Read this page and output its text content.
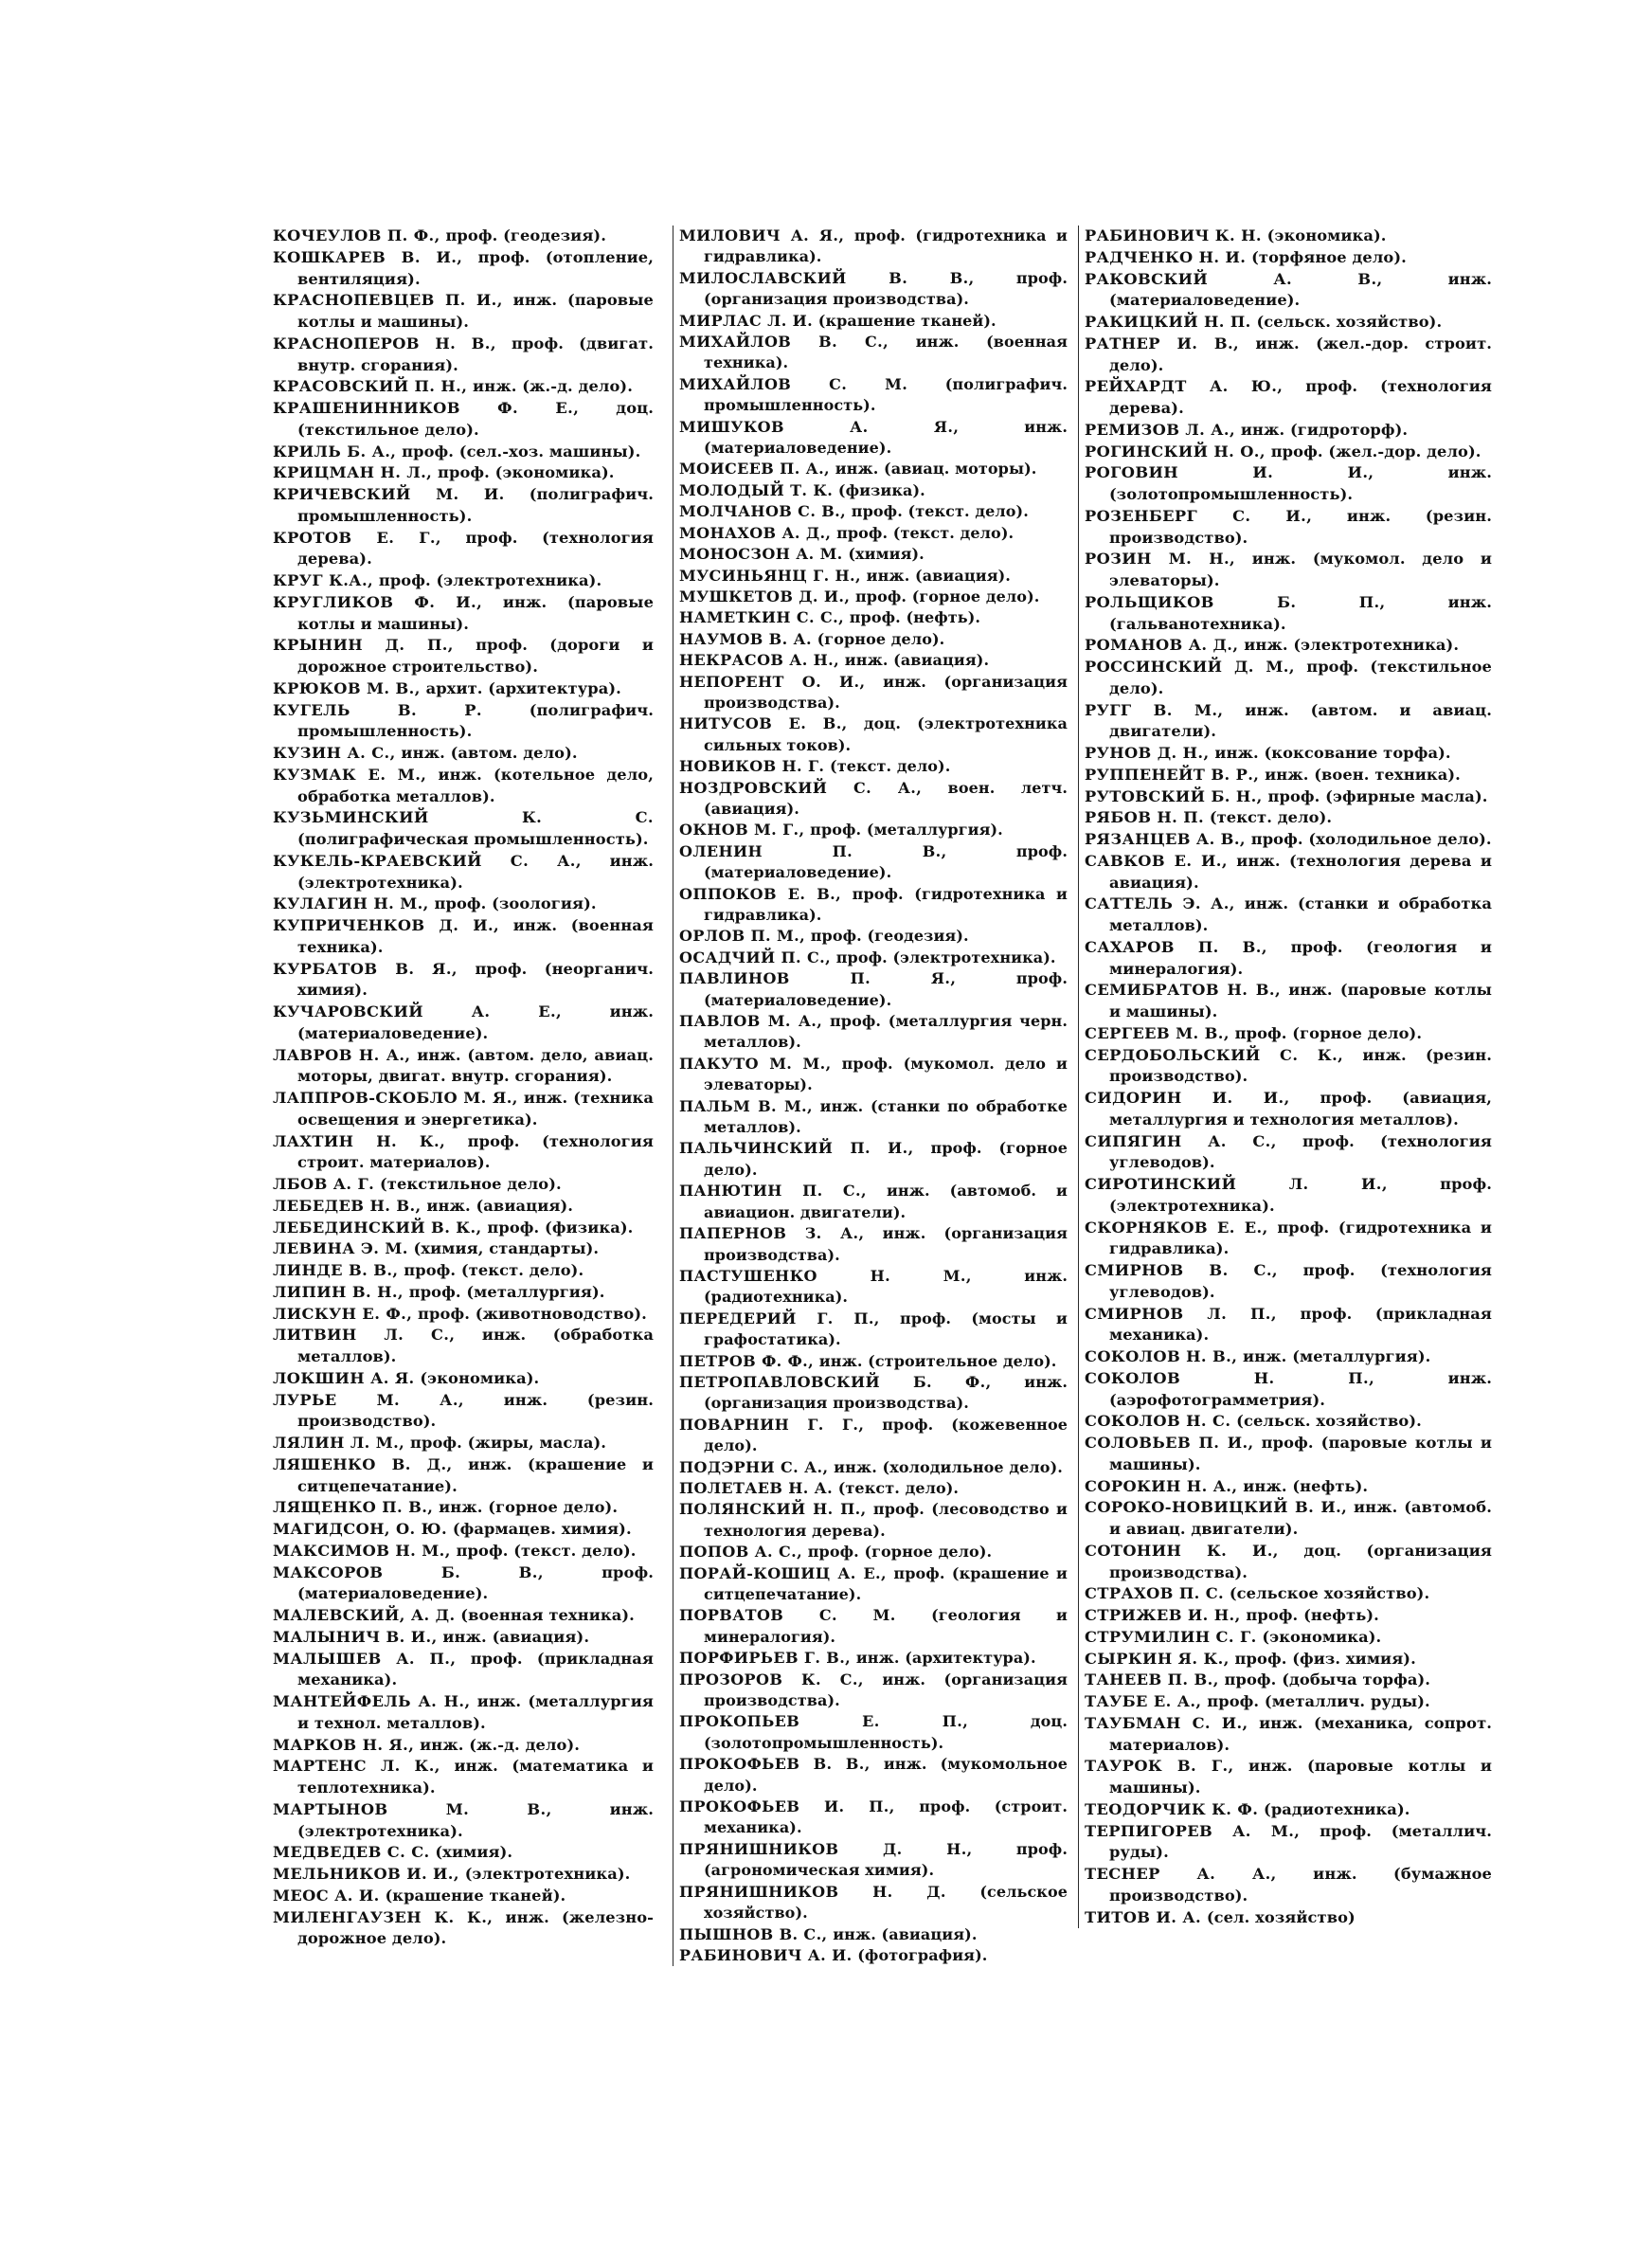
КОЧЕУЛОВ П. Ф., проф. (геодезия).
КОШКАРЕВ В. И., проф. (отопление, вентиляция).
КРАСНОПЕВЦЕВ П. И., инж. (паровые котлы и машины).
КРАСНОПЕРОВ Н. В., проф. (двигат. внутр. сгорания).
КРАСОВСКИЙ П. Н., инж. (ж.-д. дело).
КРАШЕНИННИКОВ Ф. Е., доц. (текстильное дело).
КРИЛЬ Б. А., проф. (сел.-хоз. машины).
КРИЦМАН Н. Л., проф. (экономика).
КРИЧЕВСКИЙ М. И. (полиграфич. промышленность).
КРОТОВ Е. Г., проф. (технология дерева).
КРУГ К.А., проф. (электротехника).
КРУГЛИКОВ Ф. И., инж. (паровые котлы и машины).
КРЫНИН Д. П., проф. (дороги и дорожное строительство).
КРЮКОВ М. В., архит. (архитектура).
КУГЕЛЬ В. Р.	(полиграфич. промышленность).
КУЗИН А. С., инж. (автом. дело).
КУЗМАК Е. М., инж. (котельное дело, обработка металлов).
КУЗЬМИНСКИЙ К. С. (полиграфическая промышленность).
КУКЕЛЬ-КРАЕВСКИЙ С. А., инж. (электротехника).
КУЛАГИН Н. М., проф. (зоология).
КУПРИЧЕНКОВ Д. И., инж. (военная техника).
КУРБАТОВ В. Я., проф. (неорганич. химия).
КУЧАРОВСКИЙ А. Е.,	инж. (материаловедение).
ЛАВРОВ Н. А., инж. (автом. дело, авиац. моторы, двигат. внутр. сгорания).
ЛАППРОВ-СКОБЛО М. Я., инж. (техника освещения и энергетика).
ЛАХТИН Н. К., проф. (технология строит. материалов).
ЛБОВ А. Г. (текстильное дело).
ЛЕБЕДЕВ Н. В., инж. (авиация).
ЛЕБЕДИНСКИЙ В. К., проф. (физика).
ЛЕВИНА Э. М. (химия, стандарты).
ЛИНДЕ В. В., проф. (текст. дело).
ЛИПИН В. Н., проф. (металлургия).
ЛИСКУН Е. Ф., проф. (животноводство).
ЛИТВИН Л. С., инж. (обработка металлов).
ЛОКШИН А. Я. (экономика).
ЛУРЬЕ М. А.,	инж. (резин. производство).
ЛЯЛИН Л. М., проф. (жиры, масла).
ЛЯШЕНКО В. Д., инж. (крашение и ситцепечатание).
ЛЯЩЕНКО П. В., инж. (горное дело).
МАГИДСОН, О. Ю. (фармацев. химия).
МАКСИМОВ Н. М., проф. (текст. дело).
МАКСОРОВ Б. В.,	проф. (материаловедение).
МАЛЕВСКИЙ, А. Д. (военная техника).
МАЛЫНИЧ В. И., инж. (авиация).
МАЛЫШЕВ А. П., проф. (прикладная механика).
МАНТЕЙФЕЛЬ А. Н., инж. (металлургия и технол. металлов).
МАРКОВ Н. Я., инж. (ж.-д. дело).
МАРТЕНС Л. К., инж. (математика и теплотехника).
МАРТЫНОВ М. В.,	инж. (электротехника).
МЕДВЕДЕВ С. С. (химия).
МЕЛЬНИКОВ И. И., (электротехника).
МЕОС А. И. (крашение тканей).
МИЛЕНГАУЗЕН К. К., инж. (железно-дорожное дело).
МИЛОВИЧ А. Я., проф. (гидротехника и гидравлика).
МИЛОСЛАВСКИЙ В. В.,	проф. (организация производства).
МИРЛАС Л. И. (крашение тканей).
МИХАЙЛОВ В. С., инж. (военная техника).
МИХАЙЛОВ С. М. (полиграфич. промышленность).
МИШУКОВ А. Я.,	инж. (материаловедение).
МОИСЕЕВ П. А., инж. (авиац. моторы).
МОЛОДЫЙ Т. К. (физика).
МОЛЧАНОВ С. В., проф. (текст. дело).
МОНАХОВ А. Д., проф. (текст. дело).
МОНОСЗОН А. М. (химия).
МУСИНЬЯНЦ Г. Н., инж. (авиация).
МУШКЕТОВ Д. И., проф. (горное дело).
НАМЕТКИН С. С., проф. (нефть).
НАУМОВ В. А. (горное дело).
НЕКРАСОВ А. Н., инж. (авиация).
НЕПОРЕНТ О. И., инж. (организация производства).
НИТУСОВ Е. В., доц. (электротехника сильных токов).
НОВИКОВ Н. Г. (текст. дело).
НОЗДРОВСКИЙ С. А., воен. летч. (авиация).
ОКНОВ М. Г., проф. (металлургия).
ОЛЕНИН П. В.,	проф. (материаловедение).
ОППОКОВ Е. В., проф. (гидротехника и гидравлика).
ОРЛОВ П. М., проф. (геодезия).
ОСАДЧИЙ П. С., проф. (электротехника).
ПАВЛИНОВ П. Я.,	проф. (материаловедение).
ПАВЛОВ М. А., проф. (металлургия черн. металлов).
ПАКУТО М. М., проф. (мукомол. дело и элеваторы).
ПАЛЬМ В. М., инж. (станки по обработке металлов).
ПАЛЬЧИНСКИЙ П. И., проф. (горное дело).
ПАНЮТИН П. С., инж. (автомоб. и авиацион. двигатели).
ПАПЕРНОВ З. А., инж. (организация производства).
ПАСТУШЕНКО Н. М.,	инж. (радиотехника).
ПЕРЕДЕРИЙ Г. П., проф. (мосты и графостатика).
ПЕТРОВ Ф. Ф., инж. (строительное дело).
ПЕТРОПАВЛОВСКИЙ Б. Ф., инж. (организация производства).
ПОВАРНИН Г. Г., проф. (кожевенное дело).
ПОДЭРНИ С. А., инж. (холодильное дело).
ПОЛЕТАЕВ Н. А. (текст. дело).
ПОЛЯНСКИЙ Н. П., проф. (лесоводство и технология дерева).
ПОПОВ А. С., проф. (горное дело).
ПОРАЙ-КОШИЦ А. Е., проф. (крашение и ситцепечатание).
ПОРВАТОВ С. М. (геология и минералогия).
ПОРФИРЬЕВ Г. В., инж. (архитектура).
ПРОЗОРОВ К. С., инж. (организация производства).
ПРОКОПЬЕВ Е. П.,	доц. (золотопромышленность).
ПРОКОФЬЕВ В. В., инж. (мукомольное дело).
ПРОКОФЬЕВ И. П., проф. (строит. механика).
ПРЯНИШНИКОВ Д. Н.,	проф. (агрономическая химия).
ПРЯНИШНИКОВ Н. Д. (сельское хозяйство).
ПЫШНОВ В. С., инж. (авиация).
РАБИНОВИЧ А. И. (фотография).
РАБИНОВИЧ К. Н. (экономика).
РАДЧЕНКО Н. И. (торфяное дело).
РАКОВСКИЙ А. В.,	инж. (материаловедение).
РАКИЦКИЙ Н. П. (сельск. хозяйство).
РАТНЕР И. В., инж. (жел.-дор. строит. дело).
РЕЙХАРДТ А. Ю., проф. (технология дерева).
РЕМИЗОВ Л. А., инж. (гидроторф).
РОГИНСКИЙ Н. О., проф. (жел.-дор. дело).
РОГОВИН И. И.,	инж. (золотопромышленность).
РОЗЕНБЕРГ С. И., инж. (резин. производство).
РОЗИН М. Н., инж. (мукомол. дело и элеваторы).
РОЛЬЩИКОВ Б. П.,	инж. (гальванотехника).
РОМАНОВ А. Д., инж. (электротехника).
РОССИНСКИЙ Д. М., проф. (текстильное дело).
РУГГ В. М., инж. (автом. и авиац. двигатели).
РУНОВ Д. Н., инж. (коксование торфа).
РУППЕНЕЙТ В. Р., инж. (воен. техника).
РУТОВСКИЙ Б. Н., проф. (эфирные масла).
РЯБОВ Н. П. (текст. дело).
РЯЗАНЦЕВ А. В., проф. (холодильное дело).
САВКОВ Е. И., инж. (технология дерева и авиация).
САТТЕЛЬ Э. А., инж. (станки и обработка металлов).
САХАРОВ П. В., проф. (геология и минералогия).
СЕМИБРАТОВ Н. В., инж. (паровые котлы и машины).
СЕРГЕЕВ М. В., проф. (горное дело).
СЕРДОБОЛЬСКИЙ С. К., инж. (резин. производство).
СИДОРИН И. И., проф. (авиация, металлургия и технология металлов).
СИПЯГИН А. С., проф. (технология углеводов).
СИРОТИНСКИЙ Л. И.,	проф. (электротехника).
СКОРНЯКОВ Е. Е., проф. (гидротехника и гидравлика).
СМИРНОВ В. С., проф. (технология углеводов).
СМИРНОВ Л. П., проф. (прикладная механика).
СОКОЛОВ Н. В., инж. (металлургия).
СОКОЛОВ Н. П.,	инж. (аэрофотограмметрия).
СОКОЛОВ Н. С. (сельск. хозяйство).
СОЛОВЬЕВ П. И., проф. (паровые котлы и машины).
СОРОКИН Н. А., инж. (нефть).
СОРОКО-НОВИЦКИЙ В. И., инж. (автомоб. и авиац. двигатели).
СОТОНИН К. И., доц. (организация производства).
СТРАХОВ П. С. (сельское хозяйство).
СТРИЖЕВ И. Н., проф. (нефть).
СТРУМИЛИН С. Г. (экономика).
СЫРКИН Я. К., проф. (физ. химия).
ТАНЕЕВ П. В., проф. (добыча торфа).
ТАУБЕ Е. А., проф. (металлич. руды).
ТАУБМАН С. И., инж. (механика, сопрот. материалов).
ТАУРОК В. Г., инж. (паровые котлы и машины).
ТЕОДОРЧИК К. Ф. (радиотехника).
ТЕРПИГОРЕВ А. М., проф. (металлич. руды).
ТЕСНЕР А. А., инж. (бумажное производство).
ТИТОВ И. А. (сел. хозяйство)
